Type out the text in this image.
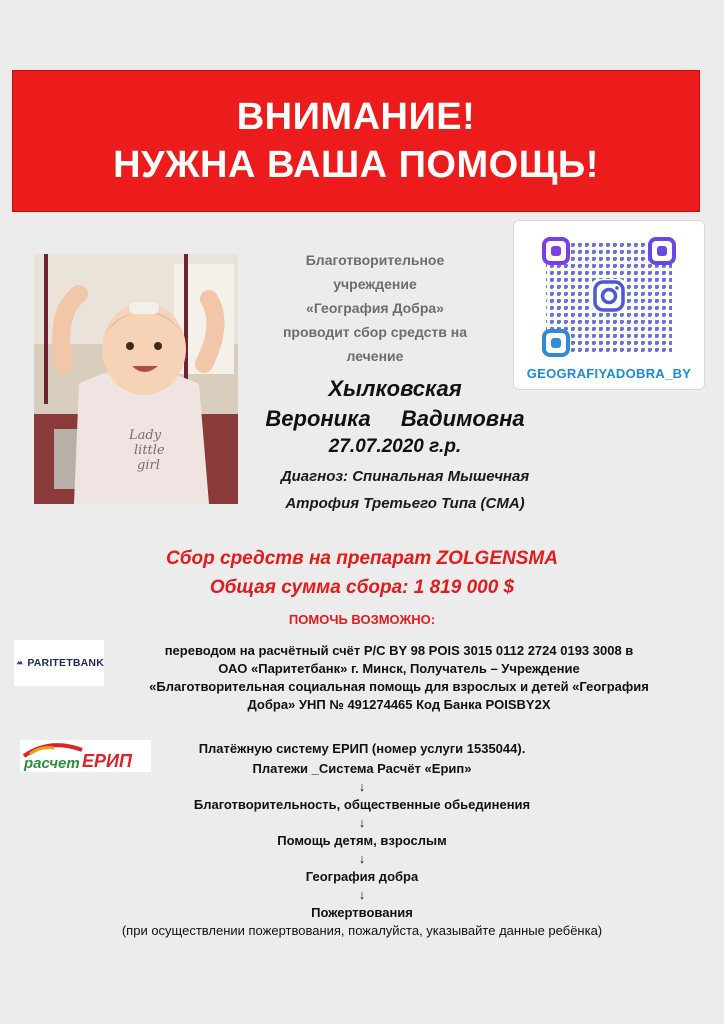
ВНИМАНИЕ!
НУЖНА ВАША ПОМОЩЬ!
Lady
little
girl
Благотворительное
учреждение
«География Добра»
проводит сбор средств на
лечение
GEOGRAFIYADOBRA_BY
Хылковская
Вероника Вадимовна
27.07.2020 г.р.
Диагноз: Спинальная Мышечная
Атрофия Третьего Типа (СМА)
Сбор средств на препарат ZOLGENSMA
Общая сумма сбора: 1 819 000 $
ПОМОЧЬ ВОЗМОЖНО:
PARITETBANK
переводом на расчётный счёт Р/С BY 98 POIS 3015 0112 2724 0193 3008 в
ОАО «Паритетбанк» г. Минск, Получатель – Учреждение
«Благотворительная социальная помощь для взрослых и детей «География
Добра» УНП № 491274465 Код Банка POISBY2X
расчет ЕРИП
Платёжную систему ЕРИП (номер услуги 1535044).
Платежи _Система Расчёт «Ерип»
↓
Благотворительность, общественные обьединения
↓
Помощь детям, взрослым
↓
География добра
↓
Пожертвования
(при осуществлении пожертвования, пожалуйста, указывайте данные ребёнка)
